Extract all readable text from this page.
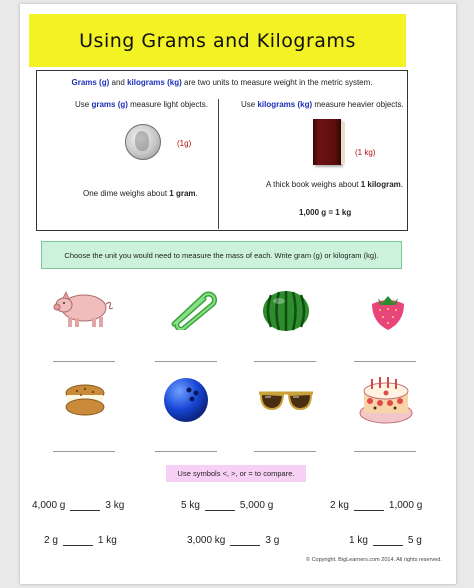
Using Grams and Kilograms
Grams (g) and kilograms (kg) are two units to measure weight in the metric system.
Use grams (g) measure light objects.
(1g)
One dime weighs about 1 gram.
Use kilograms (kg) measure heavier objects.
(1 kg)
A thick book weighs about 1 kilogram.
1,000 g = 1 kg
Choose the unit you would need to measure the mass of each. Write gram (g) or kilogram (kg).
Use symbols <, >, or = to compare.
4,000 g	3 kg	5 kg	5,000 g	2 kg	1,000 g
2 g	1 kg	3,000 kg	3 g	1 kg	5 g
© Copyright. BigLearners.com 2014. All rights reserved.
